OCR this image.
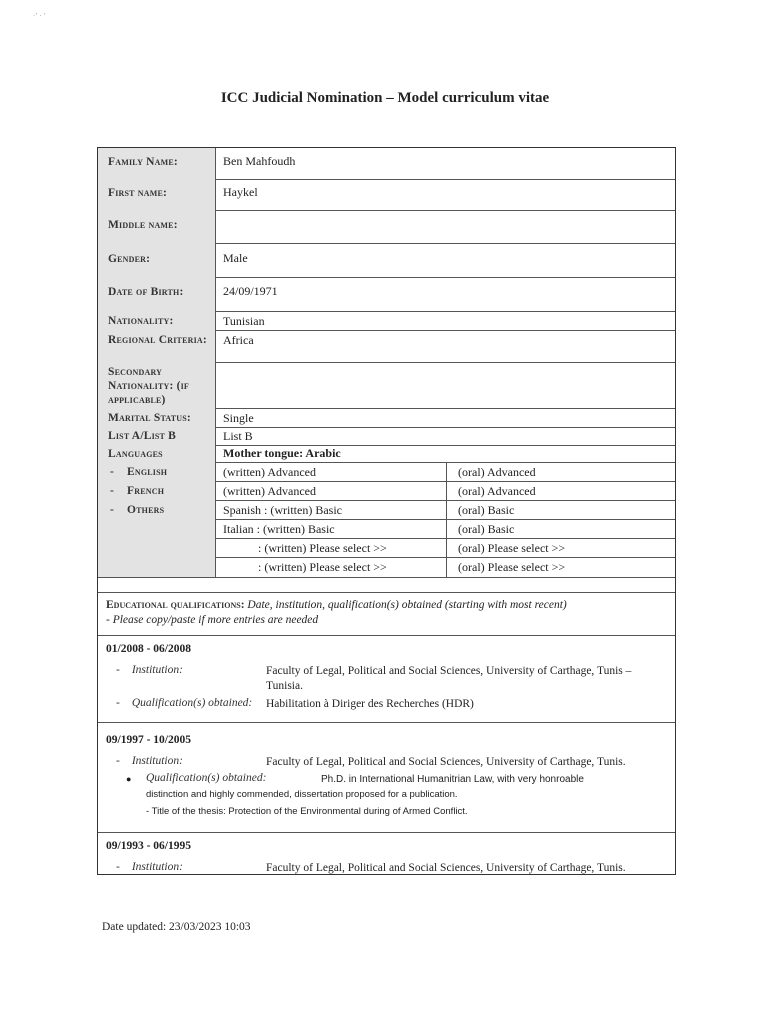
·ʼ · ʼ
ICC Judicial Nomination – Model curriculum vitae
Family Name:	Ben Mahfoudh
First name:	Haykel
Middle name:
Gender:	Male
Date of Birth:	24/09/1971
Nationality:	Tunisian
Regional Criteria:	Africa
Secondary Nationality: (if applicable)
Marital Status:	Single
List A/List B	List B
Languages	Mother tongue: Arabic
- English	(written) Advanced	(oral) Advanced
- French	(written) Advanced	(oral) Advanced
- Others	Spanish : (written) Basic	(oral) Basic
Italian : (written) Basic	(oral) Basic
: (written) Please select >>	(oral) Please select >>
: (written) Please select >>	(oral) Please select >>
Educational qualifications: Date, institution, qualification(s) obtained (starting with most recent)
- Please copy/paste if more entries are needed
01/2008 - 06/2008
- Institution:	Faculty of Legal, Political and Social Sciences, University of Carthage, Tunis – Tunisia.
- Qualification(s) obtained: Habilitation à Diriger des Recherches (HDR)
09/1997 - 10/2005
- Institution:	Faculty of Legal, Political and Social Sciences, University of Carthage, Tunis.
● Qualification(s) obtained:	Ph.D. in International Humanitrian Law, with very honroable
distinction and highly commended, dissertation proposed for a publication.
- Title of the thesis: Protection of the Environmental during of Armed Conflict.
09/1993 - 06/1995
- Institution:	Faculty of Legal, Political and Social Sciences, University of Carthage, Tunis.
Date updated: 23/03/2023 10:03
